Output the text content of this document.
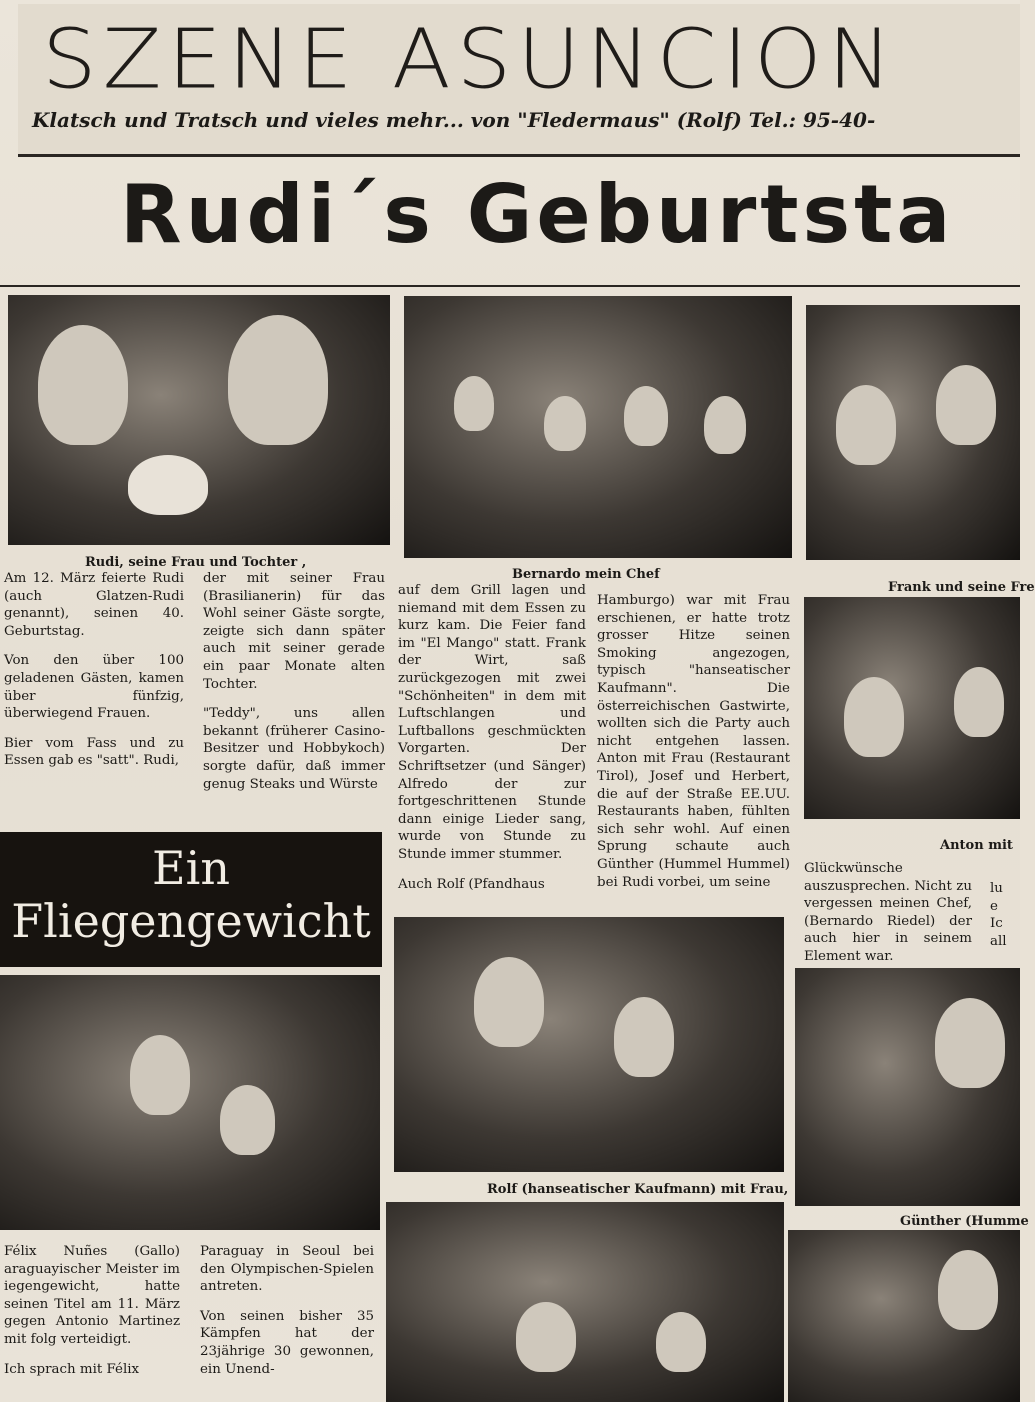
SZENE ASUNCION
Klatsch und Tratsch und vieles mehr... von "Fledermaus" (Rolf) Tel.: 95-40-
Rudi´s Geburtsta
Rudi, seine Frau und Tochter ,
Bernardo mein Chef
Frank und seine Fre

Am 12. März feierte Rudi (auch Glatzen-Rudi genannt), seinen 40. Geburtstag.

Von den über 100 geladenen Gästen, kamen über fünfzig, überwiegend Frauen.

Bier vom Fass und zu Essen gab es "satt". Rudi,

der mit seiner Frau (Brasilianerin) für das Wohl seiner Gäste sorgte, zeigte sich dann später auch mit seiner gerade ein paar Monate alten Tochter.

"Teddy", uns allen bekannt (früherer Casino-Besitzer und Hobbykoch) sorgte dafür, daß immer genug Steaks und Würste

auf dem Grill lagen und niemand mit dem Essen zu kurz kam. Die Feier fand im "El Mango" statt. Frank der Wirt, saß zurückgezogen mit zwei "Schönheiten" in dem mit Luftschlangen und Luftballons geschmückten Vorgarten. Der Schriftsetzer (und Sänger) Alfredo der zur fortgeschrittenen Stunde dann einige Lieder sang, wurde von Stunde zu Stunde immer stummer.

Auch Rolf (Pfandhaus

Hamburgo) war mit Frau erschienen, er hatte trotz grosser Hitze seinen Smoking angezogen, typisch "hanseatischer Kaufmann". Die österreichischen Gastwirte, wollten sich die Party auch nicht entgehen lassen. Anton mit Frau (Restaurant Tirol), Josef und Herbert, die auf der Straße EE.UU. Restaurants haben, fühlten sich sehr wohl. Auf einen Sprung schaute auch Günther (Hummel Hummel) bei Rudi vorbei, um seine

Anton mit

Glückwünsche auszusprechen. Nicht zu vergessen meinen Chef, (Bernardo Riedel) der auch hier in seinem Element war.

lu
e
Ic
all
Ein
Fliegengewicht
Rolf (hanseatischer Kaufmann) mit Frau,
Günther (Humme

Félix Nuñes (Gallo) araguayischer Meister im iegengewicht, hatte seinen Titel am 11. März gegen Antonio Martinez mit folg verteidigt.

Ich sprach mit Félix

Paraguay in Seoul bei den Olympischen-Spielen antreten.

Von seinen bisher 35 Kämpfen hat der 23jährige 30 gewonnen, ein Unend-
